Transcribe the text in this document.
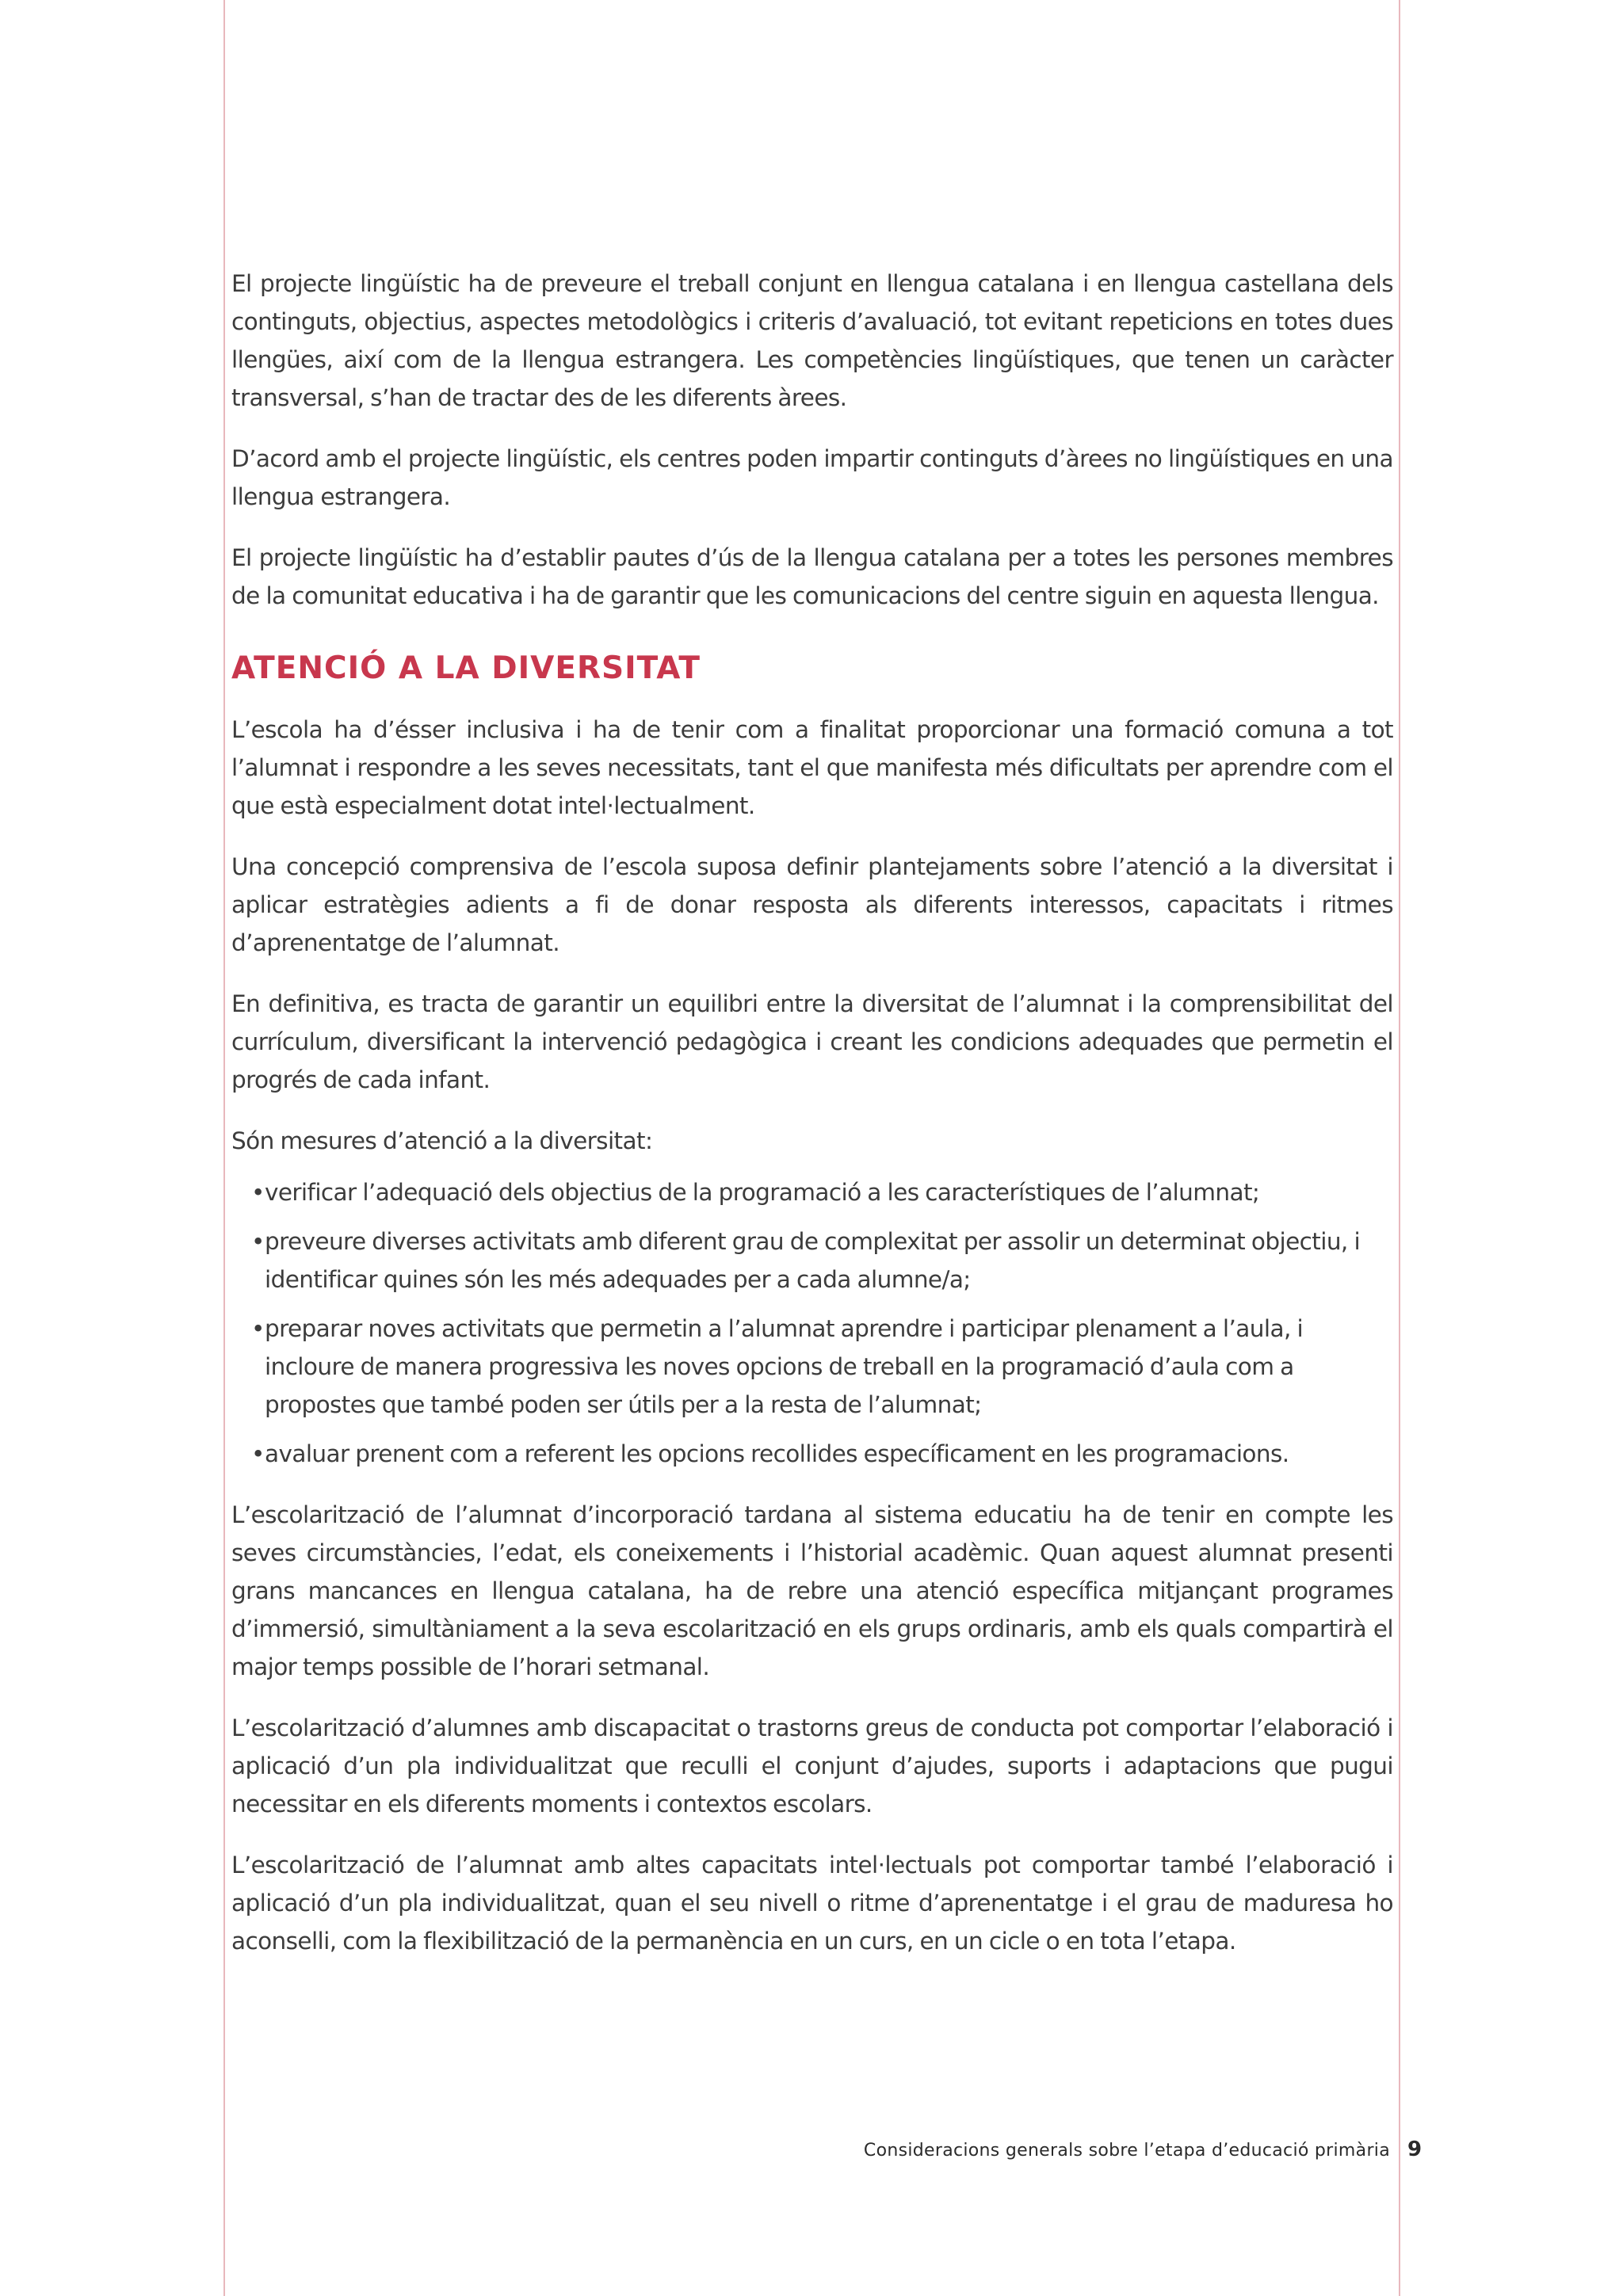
El projecte lingüístic ha de preveure el treball conjunt en llengua catalana i en llengua castellana dels continguts, objectius, aspectes metodològics i criteris d’avaluació, tot evitant repeticions en totes dues llengües, així com de la llengua estrangera. Les competències lingüístiques, que tenen un caràcter transversal, s’han de tractar des de les diferents àrees.

D’acord amb el projecte lingüístic, els centres poden impartir continguts d’àrees no lingüístiques en una llengua estrangera.

El projecte lingüístic ha d’establir pautes d’ús de la llengua catalana per a totes les persones membres de la comunitat educativa i ha de garantir que les comunicacions del centre siguin en aquesta llengua.

ATENCIÓ A LA DIVERSITAT

L’escola ha d’ésser inclusiva i ha de tenir com a finalitat proporcionar una formació comuna a tot l’alumnat i respondre a les seves necessitats, tant el que manifesta més dificultats per aprendre com el que està especialment dotat intel·lectualment.

Una concepció comprensiva de l’escola suposa definir plantejaments sobre l’atenció a la diversitat i aplicar estratègies adients a fi de donar resposta als diferents interessos, capacitats i ritmes d’aprenentatge de l’alumnat.

En definitiva, es tracta de garantir un equilibri entre la diversitat de l’alumnat i la comprensibilitat del currículum, diversificant la intervenció pedagògica i creant les condicions adequades que permetin el progrés de cada infant.

Són mesures d’atenció a la diversitat:

• verificar l’adequació dels objectius de la programació a les característiques de l’alumnat;
• preveure diverses activitats amb diferent grau de complexitat per assolir un determinat objectiu, i identificar quines són les més adequades per a cada alumne/a;
• preparar noves activitats que permetin a l’alumnat aprendre i participar plenament a l’aula, i incloure de manera progressiva les noves opcions de treball en la programació d’aula com a propostes que també poden ser útils per a la resta de l’alumnat;
• avaluar prenent com a referent les opcions recollides específicament en les programacions.

L’escolarització de l’alumnat d’incorporació tardana al sistema educatiu ha de tenir en compte les seves circumstàncies, l’edat, els coneixements i l’historial acadèmic. Quan aquest alumnat presenti grans mancances en llengua catalana, ha de rebre una atenció específica mitjançant programes d’immersió, simultàniament a la seva escolarització en els grups ordinaris, amb els quals compartirà el major temps possible de l’horari setmanal.

L’escolarització d’alumnes amb discapacitat o trastorns greus de conducta pot comportar l’elaboració i aplicació d’un pla individualitzat que reculli el conjunt d’ajudes, suports i adaptacions que pugui necessitar en els diferents moments i contextos escolars.

L’escolarització de l’alumnat amb altes capacitats intel·lectuals pot comportar també l’elaboració i aplicació d’un pla individualitzat, quan el seu nivell o ritme d’aprenentatge i el grau de maduresa ho aconselli, com la flexibilització de la permanència en un curs, en un cicle o en tota l’etapa.

Consideracions generals sobre l’etapa d’educació primària 9
